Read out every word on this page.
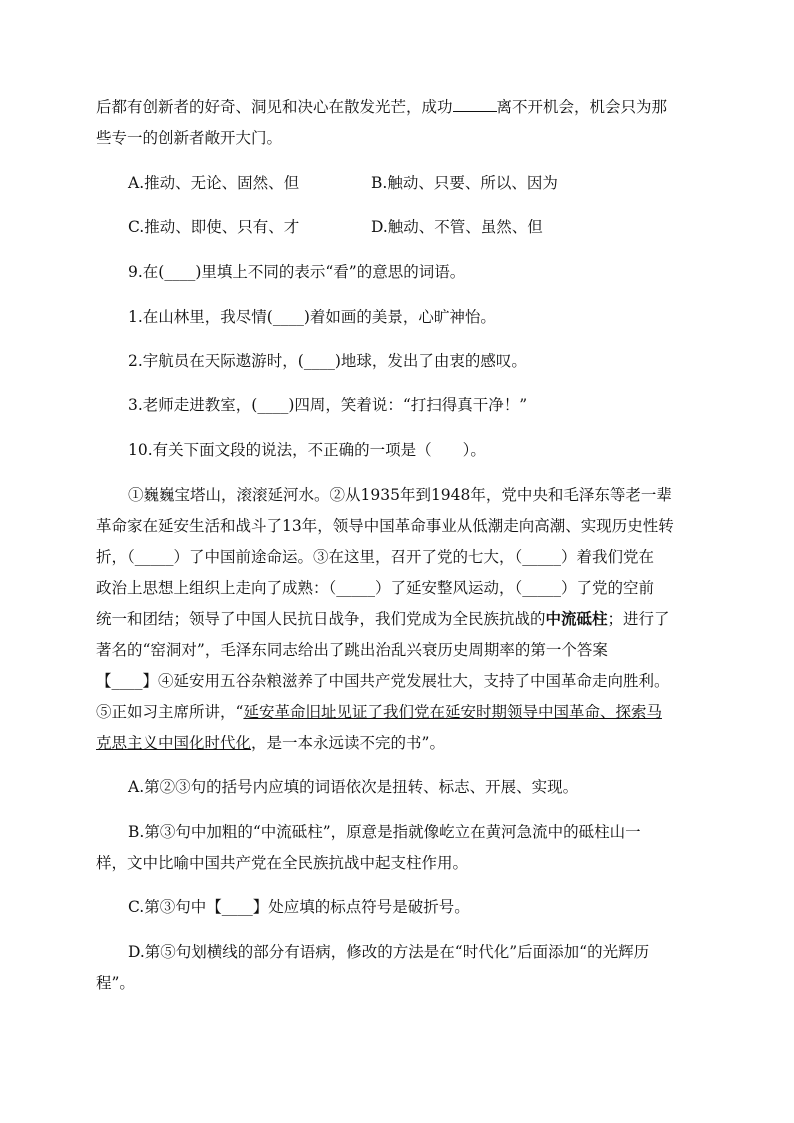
后都有创新者的好奇、洞见和决心在散发光芒，成功	离不开机会，机会只为那
些专一的创新者敞开大门。
A.推动、无论、固然、但	B.触动、只要、所以、因为
C.推动、即使、只有、才	D.触动、不管、虽然、但
9.在(____)里填上不同的表示“看”的意思的词语。
1.在山林里，我尽情(____)着如画的美景，心旷神怡。
2.宇航员在天际遨游时，(____)地球，发出了由衷的感叹。
3.老师走进教室，(____)四周，笑着说：“打扫得真干净！”
10.有关下面文段的说法，不正确的一项是（　　）。
①巍巍宝塔山，滚滚延河水。②从1935年到1948年，党中央和毛泽东等老一辈
革命家在延安生活和战斗了13年，领导中国革命事业从低潮走向高潮、实现历史性转
折，（_____）了中国前途命运。③在这里，召开了党的七大，（_____）着我们党在
政治上思想上组织上走向了成熟：（_____）了延安整风运动，（_____）了党的空前
统一和团结；领导了中国人民抗日战争，我们党成为全民族抗战的中流砥柱；进行了
著名的“窑洞对”，毛泽东同志给出了跳出治乱兴衰历史周期率的第一个答案
【____】④延安用五谷杂粮滋养了中国共产党发展壮大，支持了中国革命走向胜利。
⑤正如习主席所讲，“延安革命旧址见证了我们党在延安时期领导中国革命、探索马
克思主义中国化时代化，是一本永远读不完的书”。
A.第②③句的括号内应填的词语依次是扭转、标志、开展、实现。
B.第③句中加粗的“中流砥柱”，原意是指就像屹立在黄河急流中的砥柱山一
样，文中比喻中国共产党在全民族抗战中起支柱作用。
C.第③句中【____】处应填的标点符号是破折号。
D.第⑤句划横线的部分有语病，修改的方法是在“时代化”后面添加“的光辉历
程”。
